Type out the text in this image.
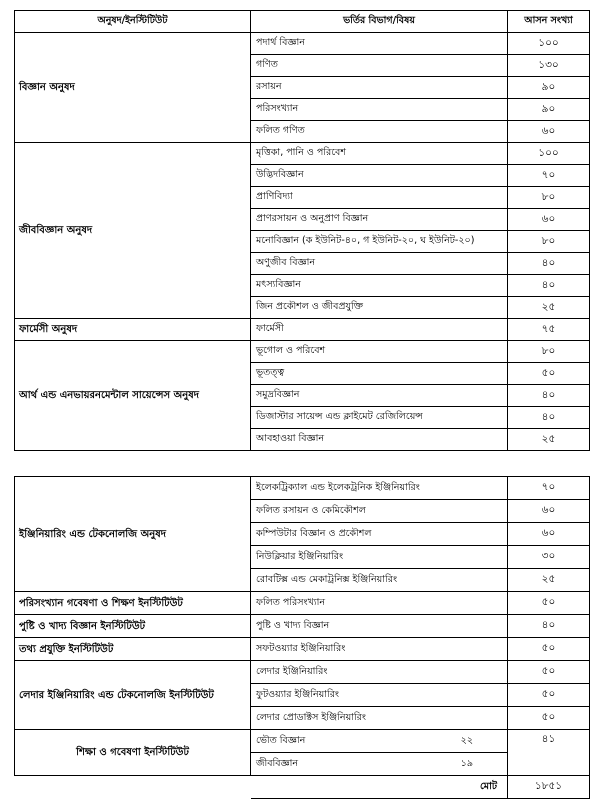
অনুষদ/ইনস্টিটিউট	ভর্তির বিভাগ/বিষয়	আসন সংখ্যা
বিজ্ঞান অনুষদ	পদার্থ বিজ্ঞান	১০০
	গণিত	১৩০
	রসায়ন	৯০
	পরিসংখ্যান	৯০
	ফলিত গণিত	৬০
জীববিজ্ঞান অনুষদ	মৃত্তিকা, পানি ও পরিবেশ	১০০
	উদ্ভিদবিজ্ঞান	৭০
	প্রাণিবিদ্যা	৮০
	প্রাণরসায়ন ও অনুপ্রাণ বিজ্ঞান	৬০
	মনোবিজ্ঞান (ক ইউনিট-৪০, গ ইউনিট-২০, ঘ ইউনিট-২০)	৮০
	অণুজীব বিজ্ঞান	৪০
	মৎস্যবিজ্ঞান	৪০
	জিন প্রকৌশল ও জীবপ্রযুক্তি	২৫
ফার্মেসী অনুষদ	ফার্মেসী	৭৫
আর্থ এন্ড এনভায়রনমেন্টাল সায়েন্সেস অনুষদ	ভূগোল ও পরিবেশ	৮০
	ভূতত্ত্ব	৫০
	সমুদ্রবিজ্ঞান	৪০
	ডিজাস্টার সায়েন্স এন্ড ক্লাইমেট রেজিলিয়েন্স	৪০
	আবহাওয়া বিজ্ঞান	২৫
ইঞ্জিনিয়ারিং এন্ড টেকনোলজি অনুষদ	ইলেকট্রিক্যাল এন্ড ইলেকট্রনিক ইঞ্জিনিয়ারিং	৭০
	ফলিত রসায়ন ও কেমিকৌশল	৬০
	কম্পিউটার বিজ্ঞান ও প্রকৌশল	৬০
	নিউক্লিয়ার ইঞ্জিনিয়ারিং	৩০
	রোবটিক্স এন্ড মেকাট্রনিক্স ইঞ্জিনিয়ারিং	২৫
পরিসংখ্যান গবেষণা ও শিক্ষণ ইনস্টিটিউট	ফলিত পরিসংখ্যান	৫০
পুষ্টি ও খাদ্য বিজ্ঞান ইনস্টিটিউট	পুষ্টি ও খাদ্য বিজ্ঞান	৪০
তথ্য প্রযুক্তি ইনস্টিটিউট	সফটওয়্যার ইঞ্জিনিয়ারিং	৫০
লেদার ইঞ্জিনিয়ারিং এন্ড টেকনোলজি ইনস্টিটিউট	লেদার ইঞ্জিনিয়ারিং	৫০
	ফুটওয়্যার ইঞ্জিনিয়ারিং	৫০
	লেদার প্রোডাক্টস ইঞ্জিনিয়ারিং	৫০
শিক্ষা ও গবেষণা ইনস্টিটিউট	ভৌত বিজ্ঞান ২২	৪১

	জীববিজ্ঞান ১৯	

	মোট	১৮৫১
